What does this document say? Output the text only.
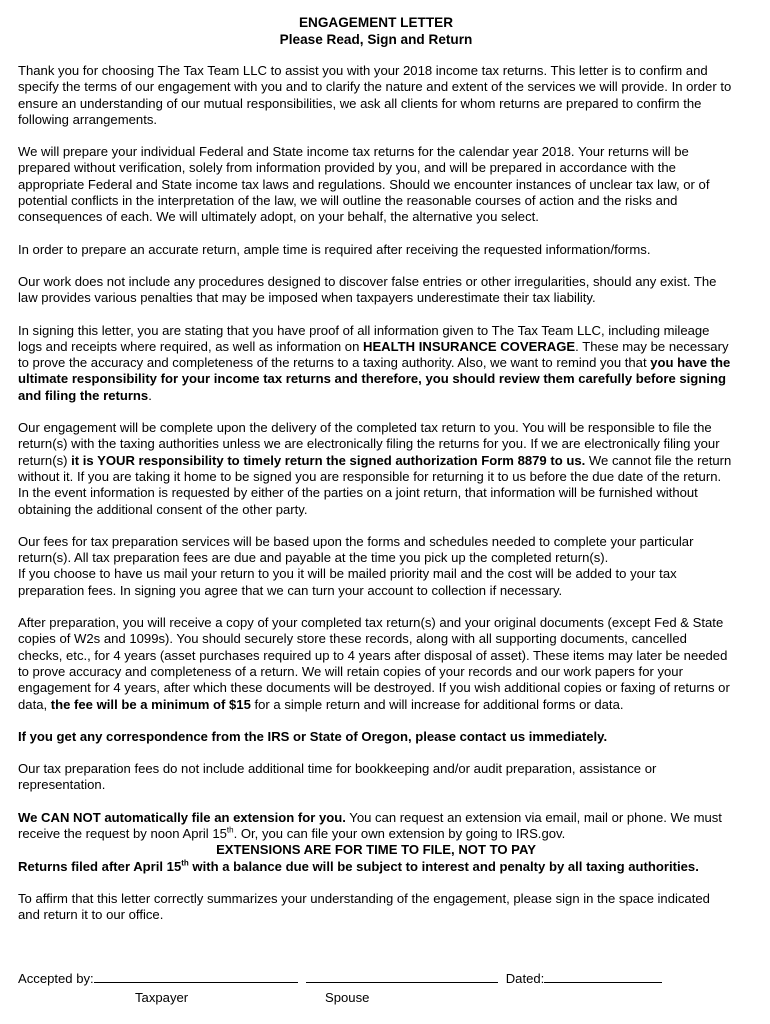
ENGAGEMENT LETTER
Please Read, Sign and Return

Thank you for choosing The Tax Team LLC to assist you with your 2018 income tax returns. This letter is to confirm and specify the terms of our engagement with you and to clarify the nature and extent of the services we will provide. In order to ensure an understanding of our mutual responsibilities, we ask all clients for whom returns are prepared to confirm the following arrangements.

We will prepare your individual Federal and State income tax returns for the calendar year 2018. Your returns will be prepared without verification, solely from information provided by you, and will be prepared in accordance with the appropriate Federal and State income tax laws and regulations. Should we encounter instances of unclear tax law, or of potential conflicts in the interpretation of the law, we will outline the reasonable courses of action and the risks and consequences of each. We will ultimately adopt, on your behalf, the alternative you select.

In order to prepare an accurate return, ample time is required after receiving the requested information/forms.

Our work does not include any procedures designed to discover false entries or other irregularities, should any exist. The law provides various penalties that may be imposed when taxpayers underestimate their tax liability.

In signing this letter, you are stating that you have proof of all information given to The Tax Team LLC, including mileage logs and receipts where required, as well as information on HEALTH INSURANCE COVERAGE. These may be necessary to prove the accuracy and completeness of the returns to a taxing authority. Also, we want to remind you that you have the ultimate responsibility for your income tax returns and therefore, you should review them carefully before signing and filing the returns.

Our engagement will be complete upon the delivery of the completed tax return to you. You will be responsible to file the return(s) with the taxing authorities unless we are electronically filing the returns for you. If we are electronically filing your return(s) it is YOUR responsibility to timely return the signed authorization Form 8879 to us. We cannot file the return without it. If you are taking it home to be signed you are responsible for returning it to us before the due date of the return. In the event information is requested by either of the parties on a joint return, that information will be furnished without obtaining the additional consent of the other party.

Our fees for tax preparation services will be based upon the forms and schedules needed to complete your particular return(s). All tax preparation fees are due and payable at the time you pick up the completed return(s).
If you choose to have us mail your return to you it will be mailed priority mail and the cost will be added to your tax preparation fees. In signing you agree that we can turn your account to collection if necessary.

After preparation, you will receive a copy of your completed tax return(s) and your original documents (except Fed & State copies of W2s and 1099s). You should securely store these records, along with all supporting documents, cancelled checks, etc., for 4 years (asset purchases required up to 4 years after disposal of asset). These items may later be needed to prove accuracy and completeness of a return. We will retain copies of your records and our work papers for your engagement for 4 years, after which these documents will be destroyed. If you wish additional copies or faxing of returns or data, the fee will be a minimum of $15 for a simple return and will increase for additional forms or data.

If you get any correspondence from the IRS or State of Oregon, please contact us immediately.

Our tax preparation fees do not include additional time for bookkeeping and/or audit preparation, assistance or representation.

We CAN NOT automatically file an extension for you. You can request an extension via email, mail or phone. We must receive the request by noon April 15th. Or, you can file your own extension by going to IRS.gov.

EXTENSIONS ARE FOR TIME TO FILE, NOT TO PAY

Returns filed after April 15th with a balance due will be subject to interest and penalty by all taxing authorities.

To affirm that this letter correctly summarizes your understanding of the engagement, please sign in the space indicated and return it to our office.

Accepted by:	Dated:
Taxpayer	Spouse
